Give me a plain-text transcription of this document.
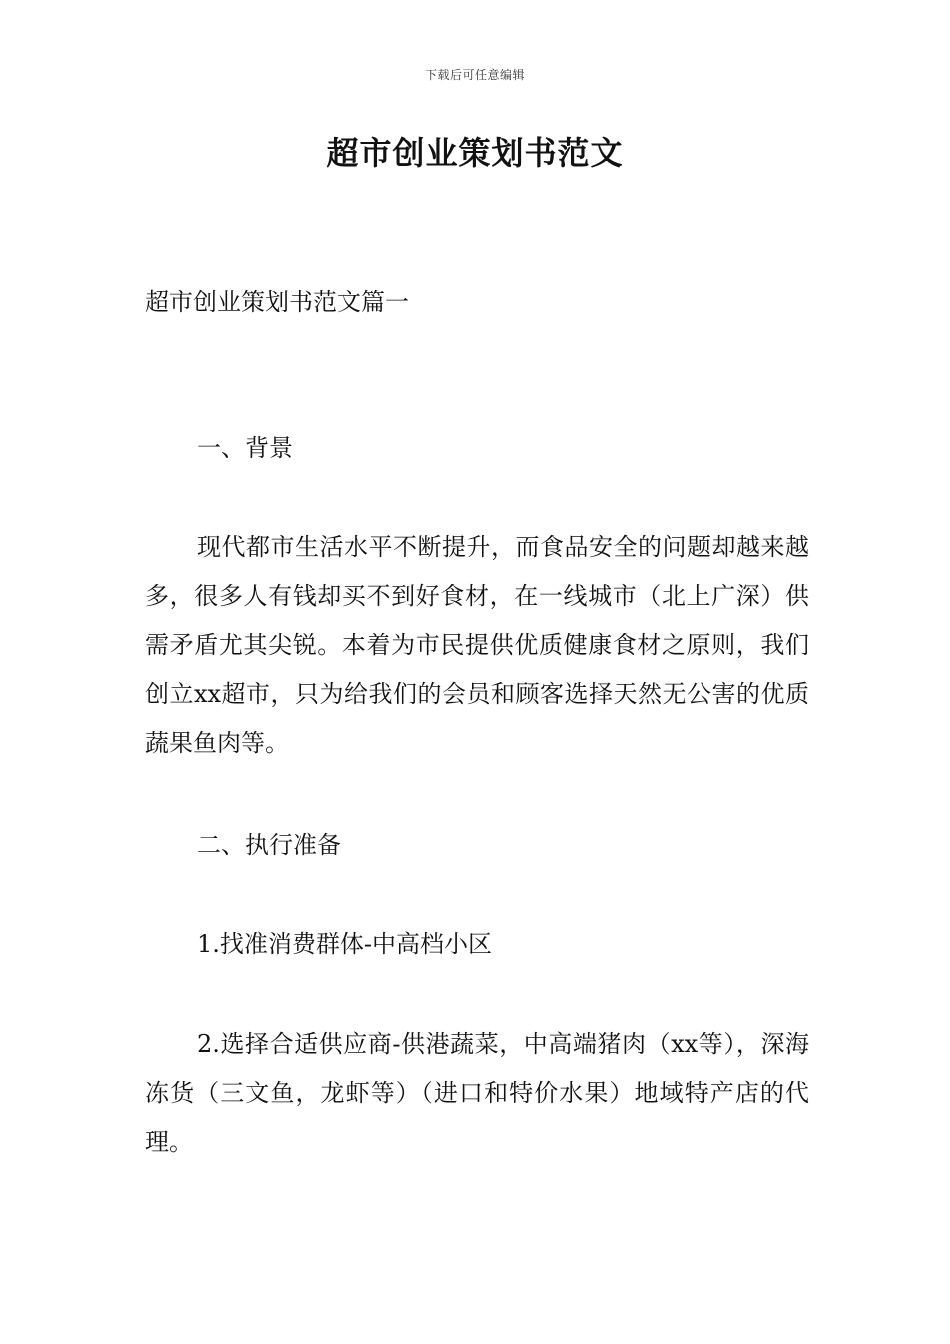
下载后可任意编辑
超市创业策划书范文

超市创业策划书范文篇一

一、背景

现代都市生活水平不断提升，而食品安全的问题却越来越多，很多人有钱却买不到好食材，在一线城市（北上广深）供需矛盾尤其尖锐。本着为市民提供优质健康食材之原则，我们创立xx超市，只为给我们的会员和顾客选择天然无公害的优质蔬果鱼肉等。

二、执行准备

1.找准消费群体-中高档小区

2.选择合适供应商-供港蔬菜，中高端猪肉（xx等），深海冻货（三文鱼，龙虾等）（进口和特价水果）地域特产店的代理。
